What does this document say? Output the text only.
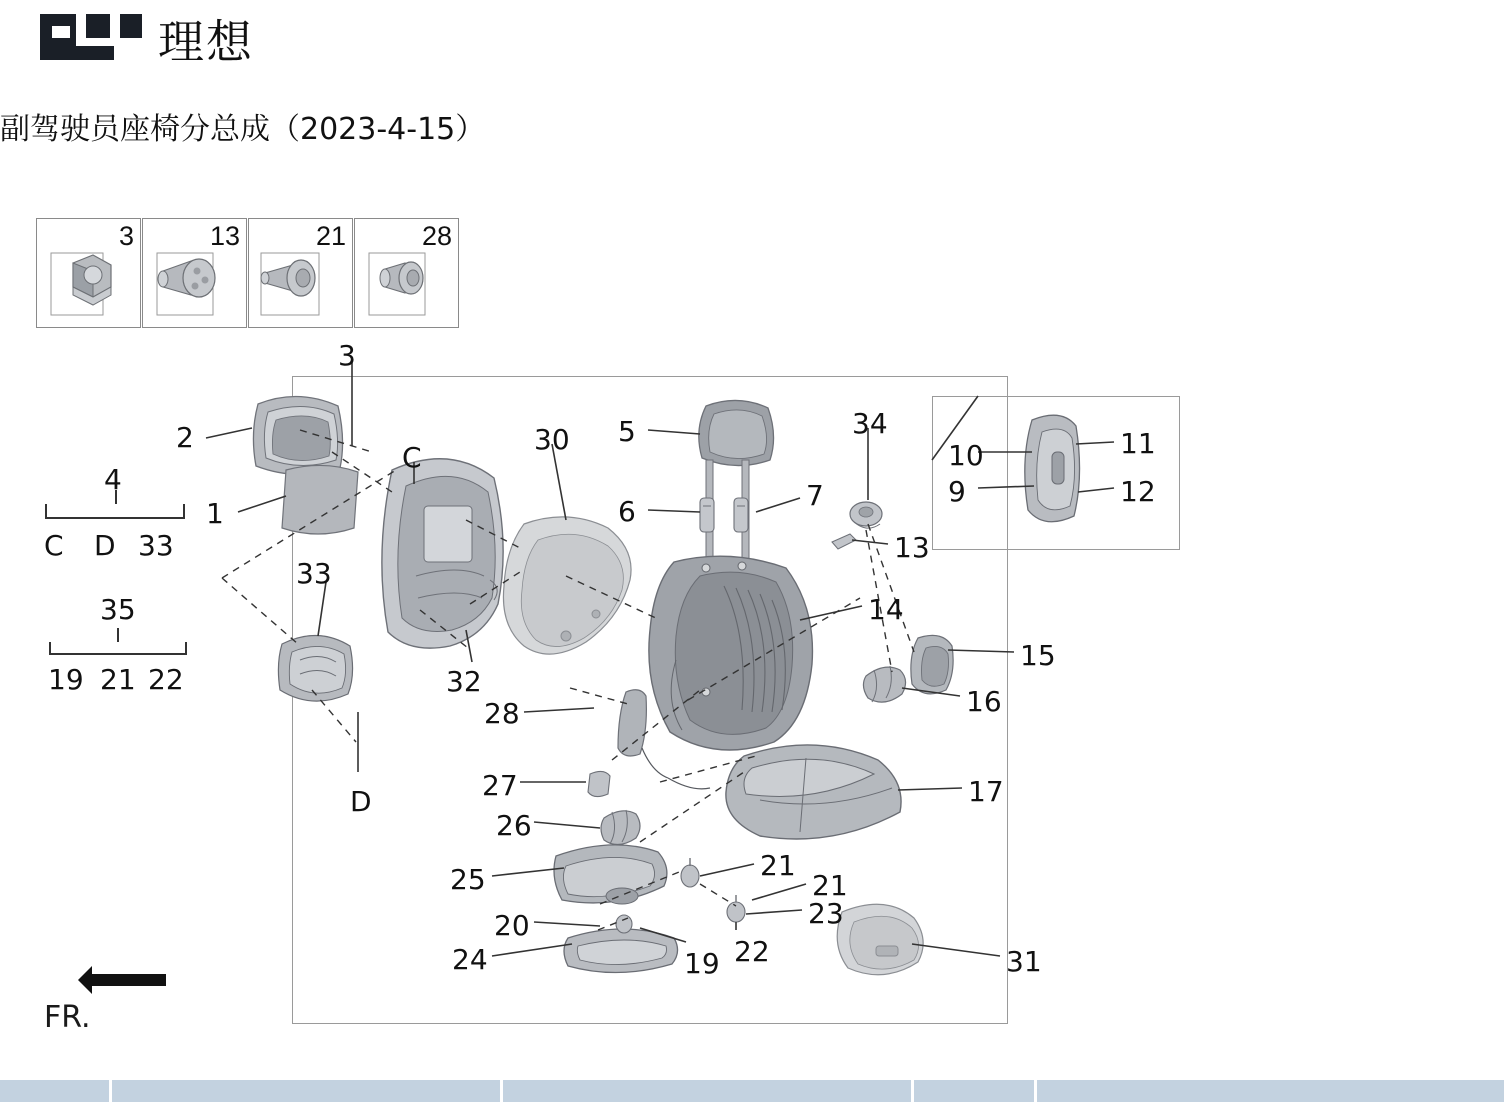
理想
副驾驶员座椅分总成（2023-4-15）
3	13	21	28
3
C
2
4
1
C D 33
35
19 21 22
33
D
32
30 5
6	7
34
13
10
9
11
12
14
15
16
28
27
26
17
25
20
24	19 22
21
21
23
31
FR.
